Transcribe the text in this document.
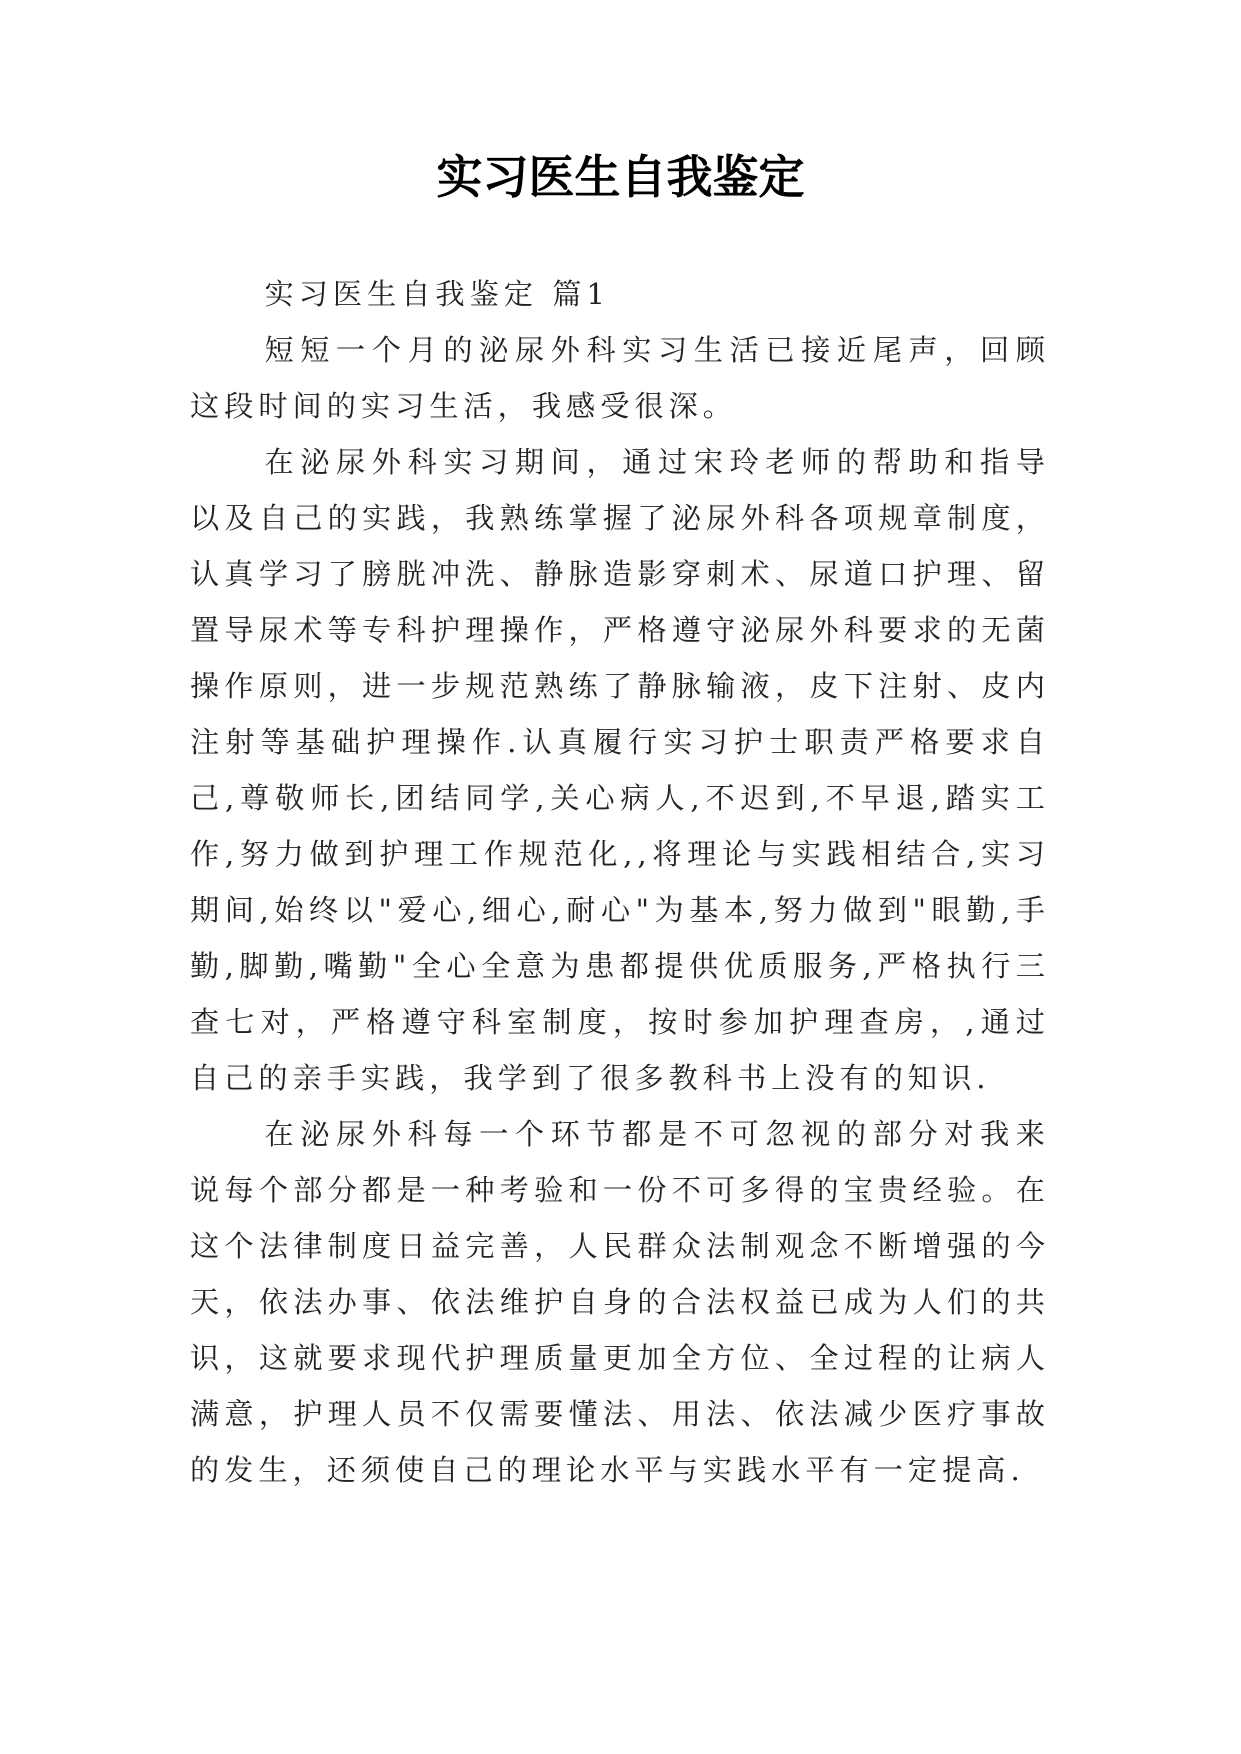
实习医生自我鉴定

实习医生自我鉴定 篇1

短短一个月的泌尿外科实习生活已接近尾声，回顾这段时间的实习生活，我感受很深。

在泌尿外科实习期间，通过宋玲老师的帮助和指导以及自己的实践，我熟练掌握了泌尿外科各项规章制度，认真学习了膀胱冲洗、静脉造影穿刺术、尿道口护理、留置导尿术等专科护理操作，严格遵守泌尿外科要求的无菌操作原则，进一步规范熟练了静脉输液，皮下注射、皮内注射等基础护理操作.认真履行实习护士职责严格要求自己,尊敬师长,团结同学,关心病人,不迟到,不早退,踏实工作,努力做到护理工作规范化,,将理论与实践相结合,实习期间,始终以"爱心,细心,耐心"为基本,努力做到"眼勤,手勤,脚勤,嘴勤"全心全意为患都提供优质服务,严格执行三查七对，严格遵守科室制度，按时参加护理查房，,通过自己的亲手实践，我学到了很多教科书上没有的知识.

在泌尿外科每一个环节都是不可忽视的部分对我来说每个部分都是一种考验和一份不可多得的宝贵经验。在这个法律制度日益完善，人民群众法制观念不断增强的今天，依法办事、依法维护自身的合法权益已成为人们的共识，这就要求现代护理质量更加全方位、全过程的让病人满意，护理人员不仅需要懂法、用法、依法减少医疗事故的发生，还须使自己的理论水平与实践水平有一定提高.
